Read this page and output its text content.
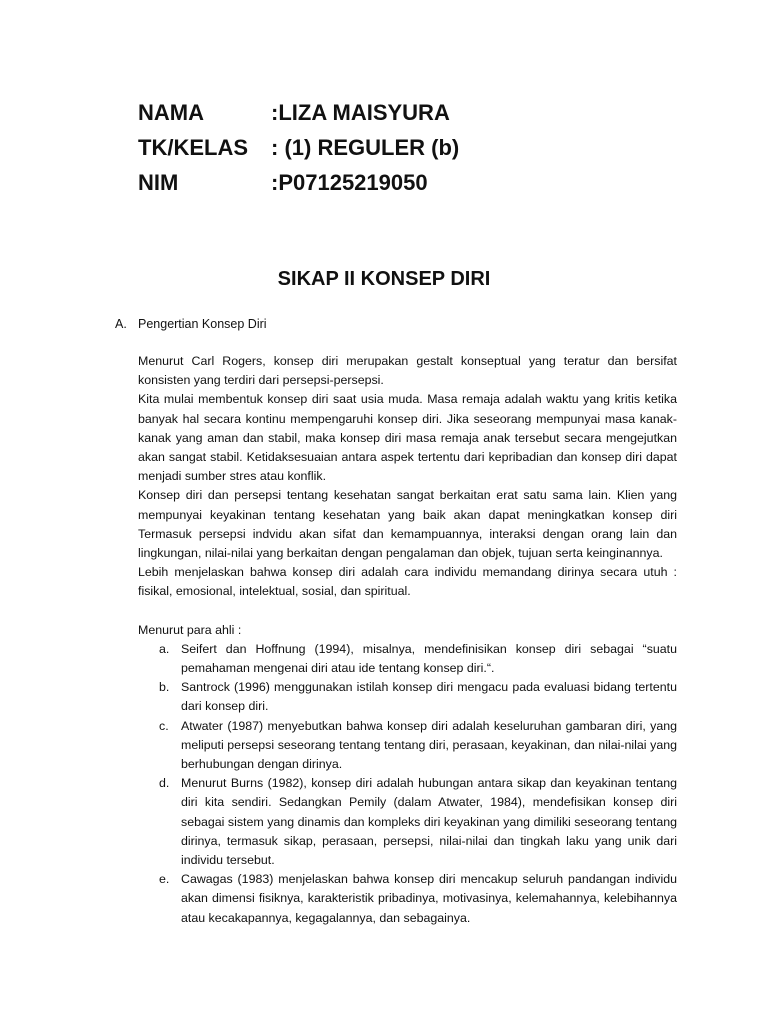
NAMA	:LIZA MAISYURA
TK/KELAS	: (1) REGULER (b)
NIM	:P07125219050
SIKAP II KONSEP DIRI
A. Pengertian Konsep Diri

Menurut Carl Rogers, konsep diri merupakan gestalt konseptual yang teratur dan bersifat konsisten yang terdiri dari persepsi-persepsi.

Kita mulai membentuk konsep diri saat usia muda. Masa remaja adalah waktu yang kritis ketika banyak hal secara kontinu mempengaruhi konsep diri. Jika seseorang mempunyai masa kanak-kanak yang aman dan stabil, maka konsep diri masa remaja anak tersebut secara mengejutkan akan sangat stabil. Ketidaksesuaian antara aspek tertentu dari kepribadian dan konsep diri dapat menjadi sumber stres atau konflik.

Konsep diri dan persepsi tentang kesehatan sangat berkaitan erat satu sama lain. Klien yang mempunyai keyakinan tentang kesehatan yang baik akan dapat meningkatkan konsep diri Termasuk persepsi indvidu akan sifat dan kemampuannya, interaksi dengan orang lain dan lingkungan, nilai-nilai yang berkaitan dengan pengalaman dan objek, tujuan serta keinginannya.

Lebih menjelaskan bahwa konsep diri adalah cara individu memandang dirinya secara utuh : fisikal, emosional, intelektual, sosial, dan spiritual.

Menurut para ahli :

a. Seifert dan Hoffnung (1994), misalnya, mendefinisikan konsep diri sebagai “suatu pemahaman mengenai diri atau ide tentang konsep diri.“.
b. Santrock (1996) menggunakan istilah konsep diri mengacu pada evaluasi bidang tertentu dari konsep diri.
c. Atwater (1987) menyebutkan bahwa konsep diri adalah keseluruhan gambaran diri, yang meliputi persepsi seseorang tentang tentang diri, perasaan, keyakinan, dan nilai-nilai yang berhubungan dengan dirinya.
d. Menurut Burns (1982), konsep diri adalah hubungan antara sikap dan keyakinan tentang diri kita sendiri. Sedangkan Pemily (dalam Atwater, 1984), mendefisikan konsep diri sebagai sistem yang dinamis dan kompleks diri keyakinan yang dimiliki seseorang tentang dirinya, termasuk sikap, perasaan, persepsi, nilai-nilai dan tingkah laku yang unik dari individu tersebut.
e. Cawagas (1983) menjelaskan bahwa konsep diri mencakup seluruh pandangan individu akan dimensi fisiknya, karakteristik pribadinya, motivasinya, kelemahannya, kelebihannya atau kecakapannya, kegagalannya, dan sebagainya.
